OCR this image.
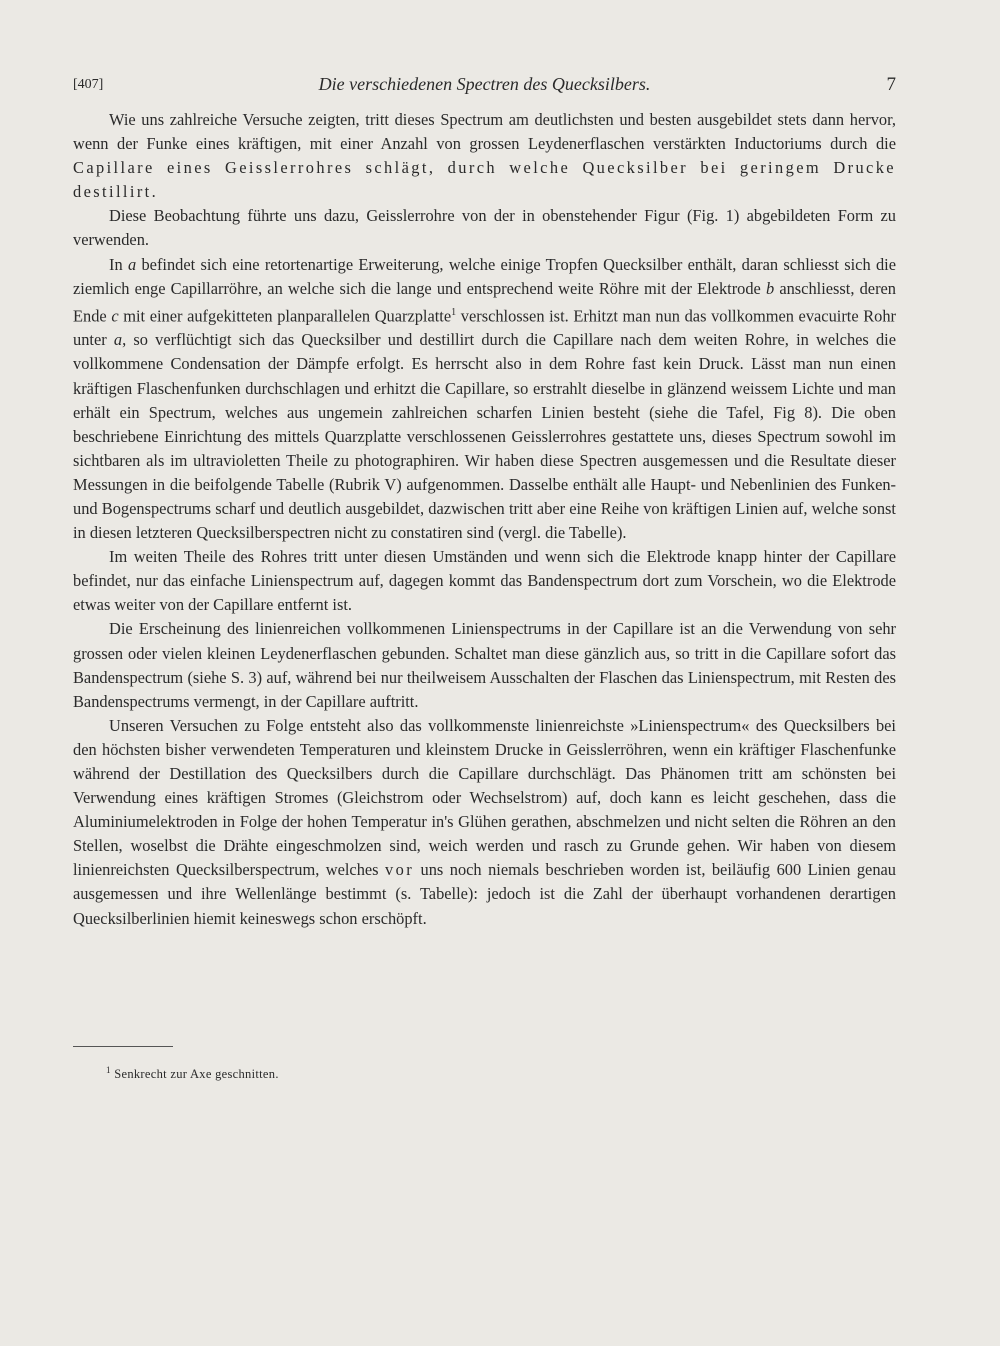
[407]	Die verschiedenen Spectren des Quecksilbers.	7

Wie uns zahlreiche Versuche zeigten, tritt dieses Spectrum am deutlichsten und besten ausgebildet stets dann hervor, wenn der Funke eines kräftigen, mit einer Anzahl von grossen Leydenerflaschen verstärkten Inductoriums durch die Capillare eines Geisslerrohres schlägt, durch welche Quecksilber bei geringem Drucke destillirt.

Diese Beobachtung führte uns dazu, Geisslerrohre von der in obenstehender Figur (Fig. 1) abgebildeten Form zu verwenden.

In a befindet sich eine retortenartige Erweiterung, welche einige Tropfen Quecksilber enthält, daran schliesst sich die ziemlich enge Capillarröhre, an welche sich die lange und entsprechend weite Röhre mit der Elektrode b anschliesst, deren Ende c mit einer aufgekitteten planparallelen Quarzplatte$^1$ verschlossen ist. Erhitzt man nun das vollkommen evacuirte Rohr unter a, so verflüchtigt sich das Quecksilber und destillirt durch die Capillare nach dem weiten Rohre, in welches die vollkommene Condensation der Dämpfe erfolgt. Es herrscht also in dem Rohre fast kein Druck. Lässt man nun einen kräftigen Flaschenfunken durchschlagen und erhitzt die Capillare, so erstrahlt dieselbe in glänzend weissem Lichte und man erhält ein Spectrum, welches aus ungemein zahlreichen scharfen Linien besteht (siehe die Tafel, Fig 8). Die oben beschriebene Einrichtung des mittels Quarzplatte verschlossenen Geisslerrohres gestattete uns, dieses Spectrum sowohl im sichtbaren als im ultravioletten Theile zu photographiren. Wir haben diese Spectren ausgemessen und die Resultate dieser Messungen in die beifolgende Tabelle (Rubrik V) aufgenommen. Dasselbe enthält alle Haupt- und Nebenlinien des Funken- und Bogenspectrums scharf und deutlich ausgebildet, dazwischen tritt aber eine Reihe von kräftigen Linien auf, welche sonst in diesen letzteren Quecksilberspectren nicht zu constatiren sind (vergl. die Tabelle).

Im weiten Theile des Rohres tritt unter diesen Umständen und wenn sich die Elektrode knapp hinter der Capillare befindet, nur das einfache Linienspectrum auf, dagegen kommt das Bandenspectrum dort zum Vorschein, wo die Elektrode etwas weiter von der Capillare entfernt ist.

Die Erscheinung des linienreichen vollkommenen Linienspectrums in der Capillare ist an die Verwendung von sehr grossen oder vielen kleinen Leydenerflaschen gebunden. Schaltet man diese gänzlich aus, so tritt in die Capillare sofort das Bandenspectrum (siehe S. 3) auf, während bei nur theilweisem Ausschalten der Flaschen das Linienspectrum, mit Resten des Bandenspectrums vermengt, in der Capillare auftritt.

Unseren Versuchen zu Folge entsteht also das vollkommenste linienreichste »Linienspectrum« des Quecksilbers bei den höchsten bisher verwendeten Temperaturen und kleinstem Drucke in Geisslerröhren, wenn ein kräftiger Flaschenfunke während der Destillation des Quecksilbers durch die Capillare durchschlägt. Das Phänomen tritt am schönsten bei Verwendung eines kräftigen Stromes (Gleichstrom oder Wechselstrom) auf, doch kann es leicht geschehen, dass die Aluminiumelektroden in Folge der hohen Temperatur in's Glühen gerathen, abschmelzen und nicht selten die Röhren an den Stellen, woselbst die Drähte eingeschmolzen sind, weich werden und rasch zu Grunde gehen. Wir haben von diesem linienreichsten Quecksilberspectrum, welches vor uns noch niemals beschrieben worden ist, beiläufig 600 Linien genau ausgemessen und ihre Wellenlänge bestimmt (s. Tabelle): jedoch ist die Zahl der überhaupt vorhandenen derartigen Quecksilberlinien hiemit keineswegs schon erschöpft.

$^1$ Senkrecht zur Axe geschnitten.
